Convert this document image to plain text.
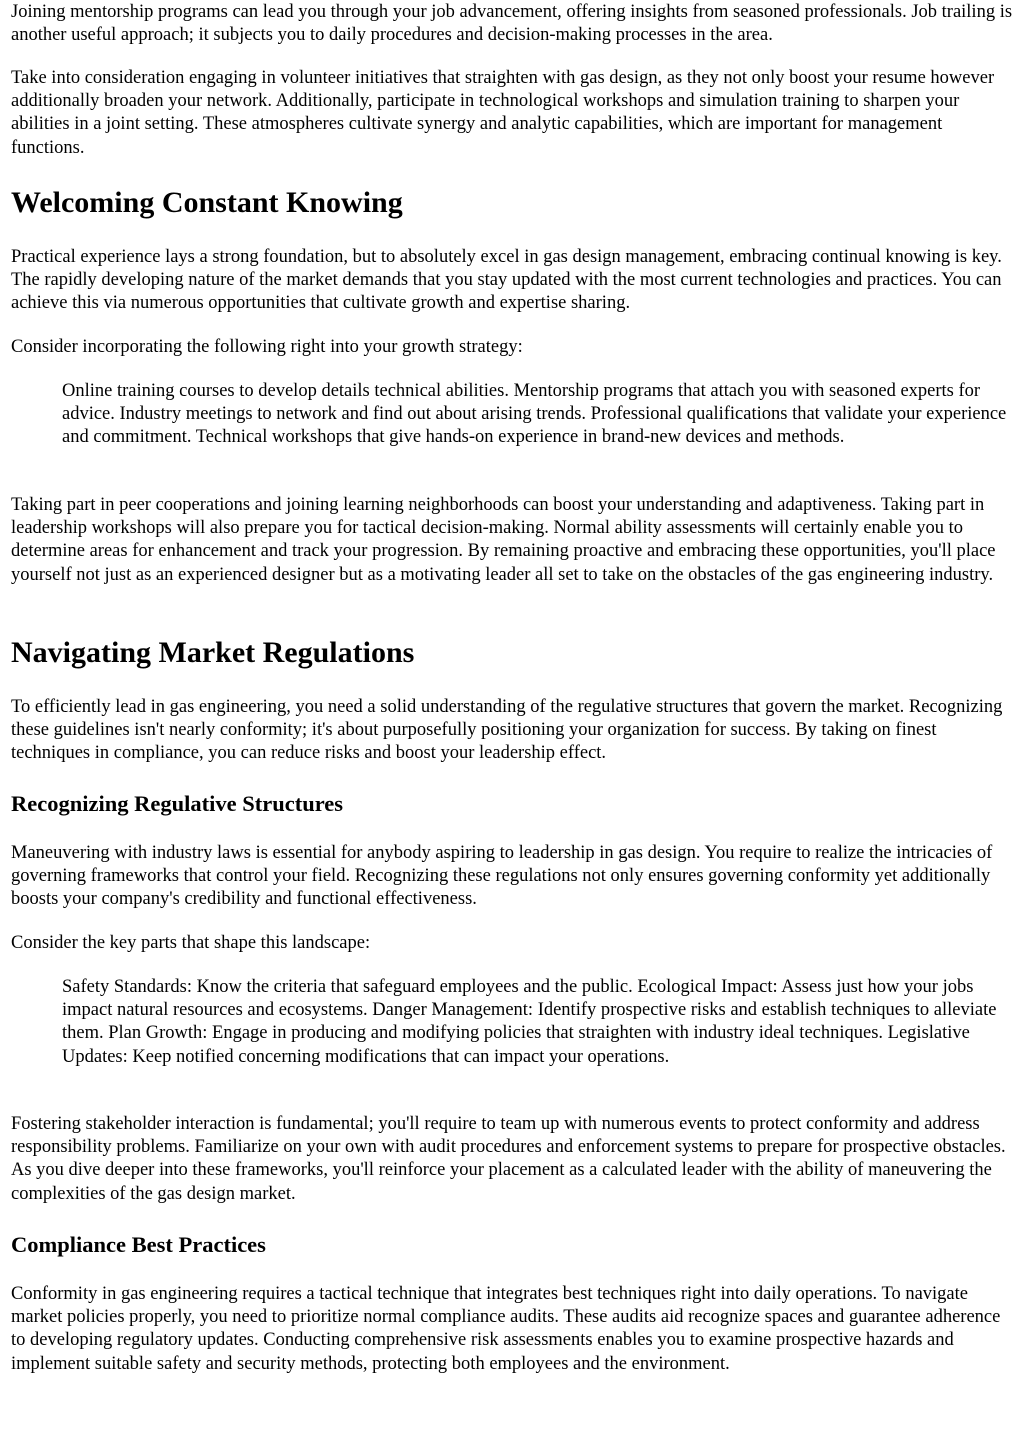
Joining mentorship programs can lead you through your job advancement, offering insights from seasoned professionals. Job trailing is another useful approach; it subjects you to daily procedures and decision-making processes in the area.

Take into consideration engaging in volunteer initiatives that straighten with gas design, as they not only boost your resume however additionally broaden your network. Additionally, participate in technological workshops and simulation training to sharpen your abilities in a joint setting. These atmospheres cultivate synergy and analytic capabilities, which are important for management functions.

Welcoming Constant Knowing

Practical experience lays a strong foundation, but to absolutely excel in gas design management, embracing continual knowing is key. The rapidly developing nature of the market demands that you stay updated with the most current technologies and practices. You can achieve this via numerous opportunities that cultivate growth and expertise sharing.

Consider incorporating the following right into your growth strategy:

Online training courses to develop details technical abilities. Mentorship programs that attach you with seasoned experts for advice. Industry meetings to network and find out about arising trends. Professional qualifications that validate your experience and commitment. Technical workshops that give hands-on experience in brand-new devices and methods.

Taking part in peer cooperations and joining learning neighborhoods can boost your understanding and adaptiveness. Taking part in leadership workshops will also prepare you for tactical decision-making. Normal ability assessments will certainly enable you to determine areas for enhancement and track your progression. By remaining proactive and embracing these opportunities, you'll place yourself not just as an experienced designer but as a motivating leader all set to take on the obstacles of the gas engineering industry.

Navigating Market Regulations

To efficiently lead in gas engineering, you need a solid understanding of the regulative structures that govern the market. Recognizing these guidelines isn't nearly conformity; it's about purposefully positioning your organization for success. By taking on finest techniques in compliance, you can reduce risks and boost your leadership effect.

Recognizing Regulative Structures

Maneuvering with industry laws is essential for anybody aspiring to leadership in gas design. You require to realize the intricacies of governing frameworks that control your field. Recognizing these regulations not only ensures governing conformity yet additionally boosts your company's credibility and functional effectiveness.

Consider the key parts that shape this landscape:

Safety Standards: Know the criteria that safeguard employees and the public. Ecological Impact: Assess just how your jobs impact natural resources and ecosystems. Danger Management: Identify prospective risks and establish techniques to alleviate them. Plan Growth: Engage in producing and modifying policies that straighten with industry ideal techniques. Legislative Updates: Keep notified concerning modifications that can impact your operations.

Fostering stakeholder interaction is fundamental; you'll require to team up with numerous events to protect conformity and address responsibility problems. Familiarize on your own with audit procedures and enforcement systems to prepare for prospective obstacles. As you dive deeper into these frameworks, you'll reinforce your placement as a calculated leader with the ability of maneuvering the complexities of the gas design market.

Compliance Best Practices

Conformity in gas engineering requires a tactical technique that integrates best techniques right into daily operations. To navigate market policies properly, you need to prioritize normal compliance audits. These audits aid recognize spaces and guarantee adherence to developing regulatory updates. Conducting comprehensive risk assessments enables you to examine prospective hazards and implement suitable safety and security methods, protecting both employees and the environment.
